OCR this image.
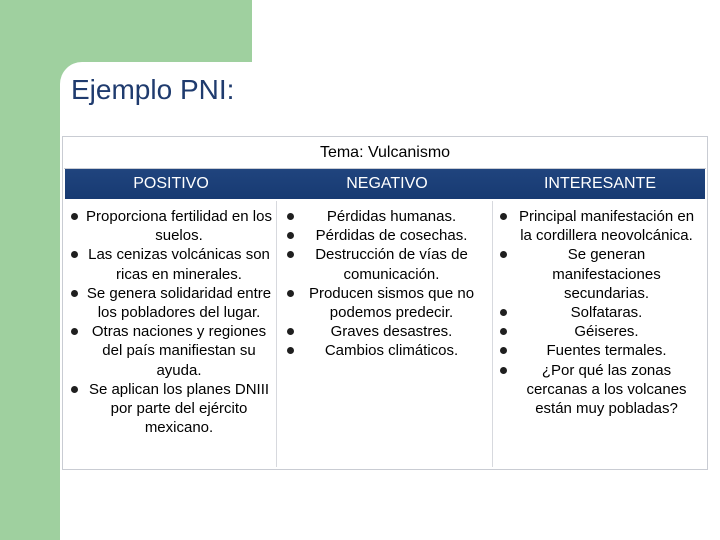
Ejemplo PNI:
Tema: Vulcanismo
POSITIVO	NEGATIVO	INTERESANTE
Proporciona fertilidad en los suelos.
Las cenizas volcánicas son ricas en minerales.
Se genera solidaridad entre los pobladores del lugar.
Otras naciones y regiones del país manifiestan su ayuda.
Se aplican los planes DNIII por parte del ejército mexicano.
Pérdidas humanas.
Pérdidas de cosechas.
Destrucción de vías de comunicación.
Producen sismos que no podemos predecir.
Graves desastres.
Cambios climáticos.
Principal manifestación en la cordillera neovolcánica.
Se generan manifestaciones secundarias.
Solfataras.
Géiseres.
Fuentes termales.
¿Por qué las zonas cercanas a los volcanes están muy pobladas?
